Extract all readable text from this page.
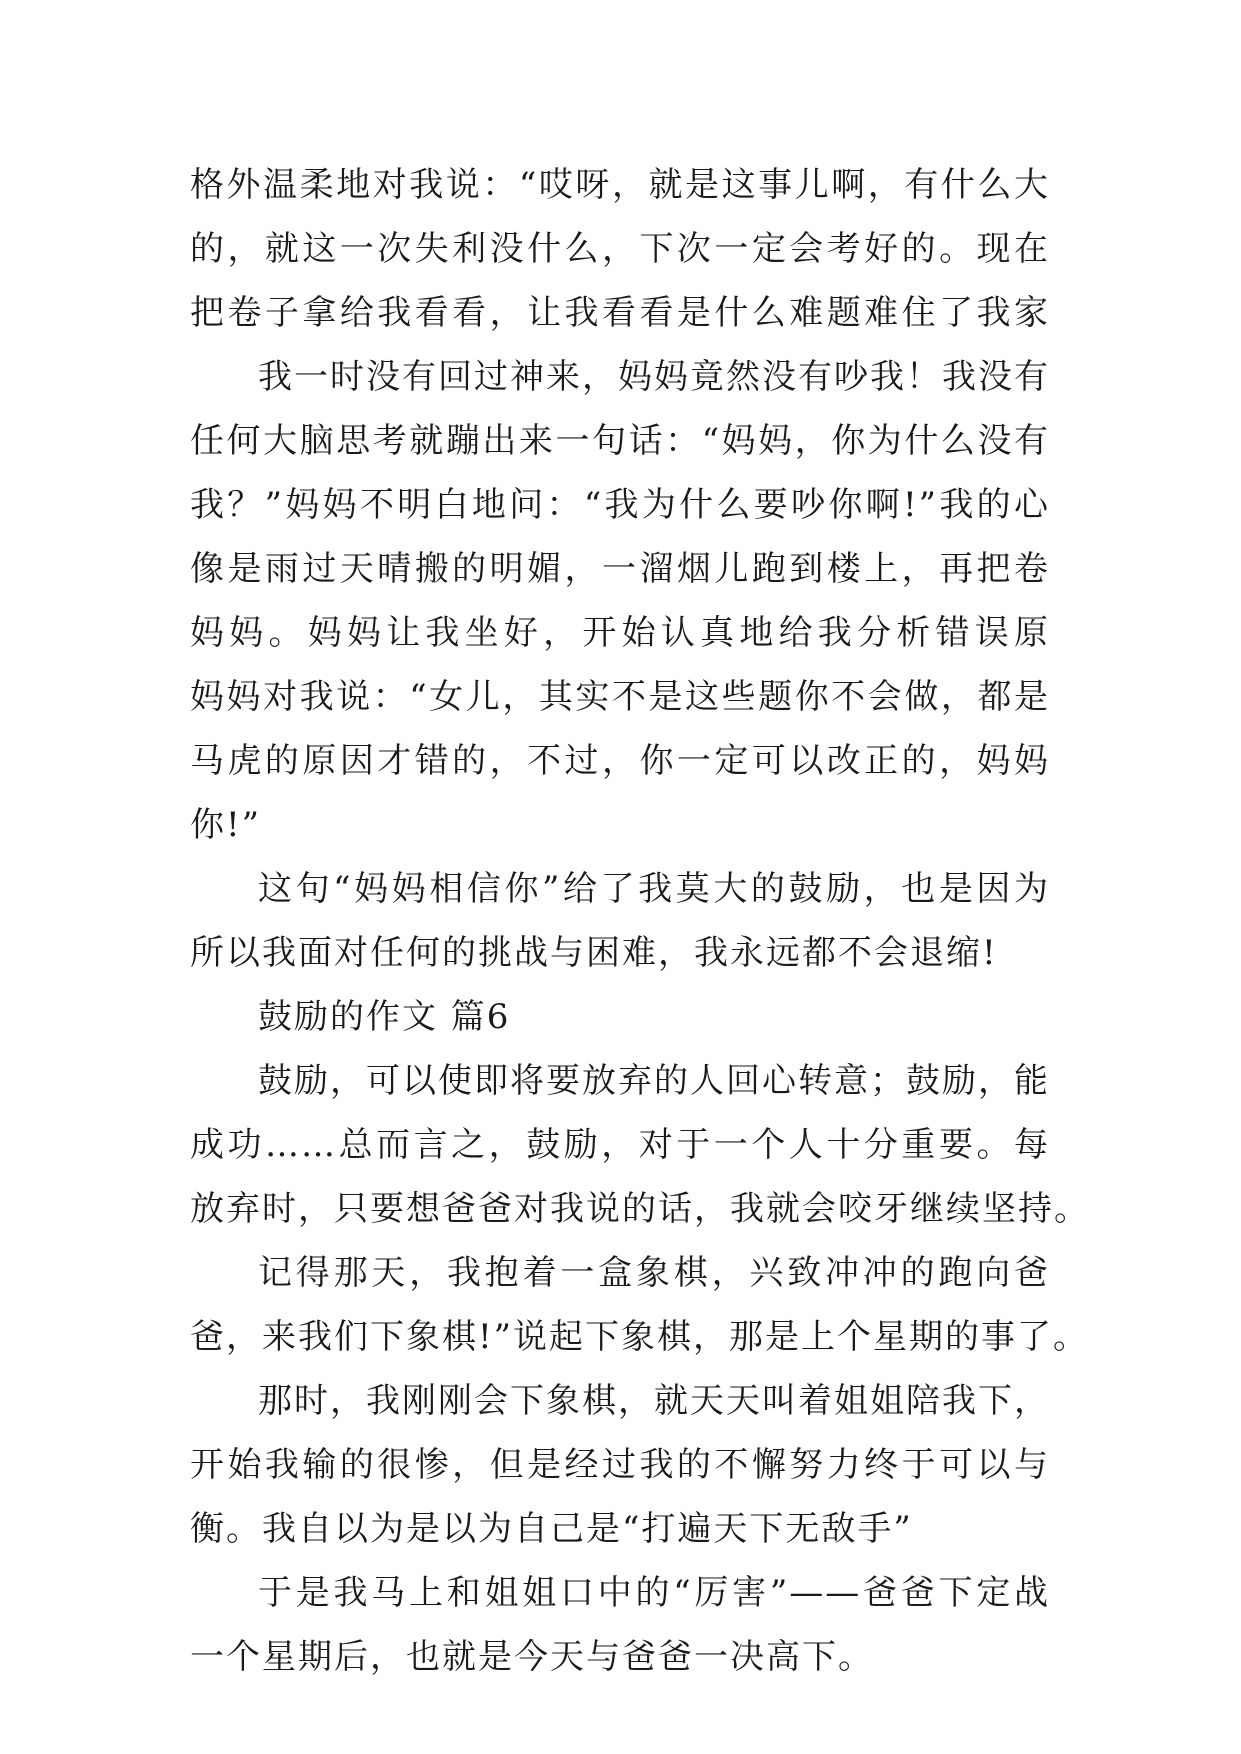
格外温柔地对我说：“哎呀，就是这事儿啊，有什么大
的，就这一次失利没什么，下次一定会考好的。现在
把卷子拿给我看看，让我看看是什么难题难住了我家
我一时没有回过神来，妈妈竟然没有吵我！我没有
任何大脑思考就蹦出来一句话：“妈妈，你为什么没有
我？”妈妈不明白地问：“我为什么要吵你啊!”我的心
像是雨过天晴搬的明媚，一溜烟儿跑到楼上，再把卷
妈妈。妈妈让我坐好，开始认真地给我分析错误原
妈妈对我说：“女儿，其实不是这些题你不会做，都是
马虎的原因才错的，不过，你一定可以改正的，妈妈
你!”
这句“妈妈相信你”给了我莫大的鼓励，也是因为
所以我面对任何的挑战与困难，我永远都不会退缩!
鼓励的作文 篇6
鼓励，可以使即将要放弃的人回心转意；鼓励，能
成功……总而言之，鼓励，对于一个人十分重要。每
放弃时，只要想爸爸对我说的话，我就会咬牙继续坚持。
记得那天，我抱着一盒象棋，兴致冲冲的跑向爸
爸，来我们下象棋!”说起下象棋，那是上个星期的事了。
那时，我刚刚会下象棋，就天天叫着姐姐陪我下，
开始我输的很惨，但是经过我的不懈努力终于可以与
衡。我自以为是以为自己是“打遍天下无敌手”
于是我马上和姐姐口中的“厉害”——爸爸下定战
一个星期后，也就是今天与爸爸一决高下。
